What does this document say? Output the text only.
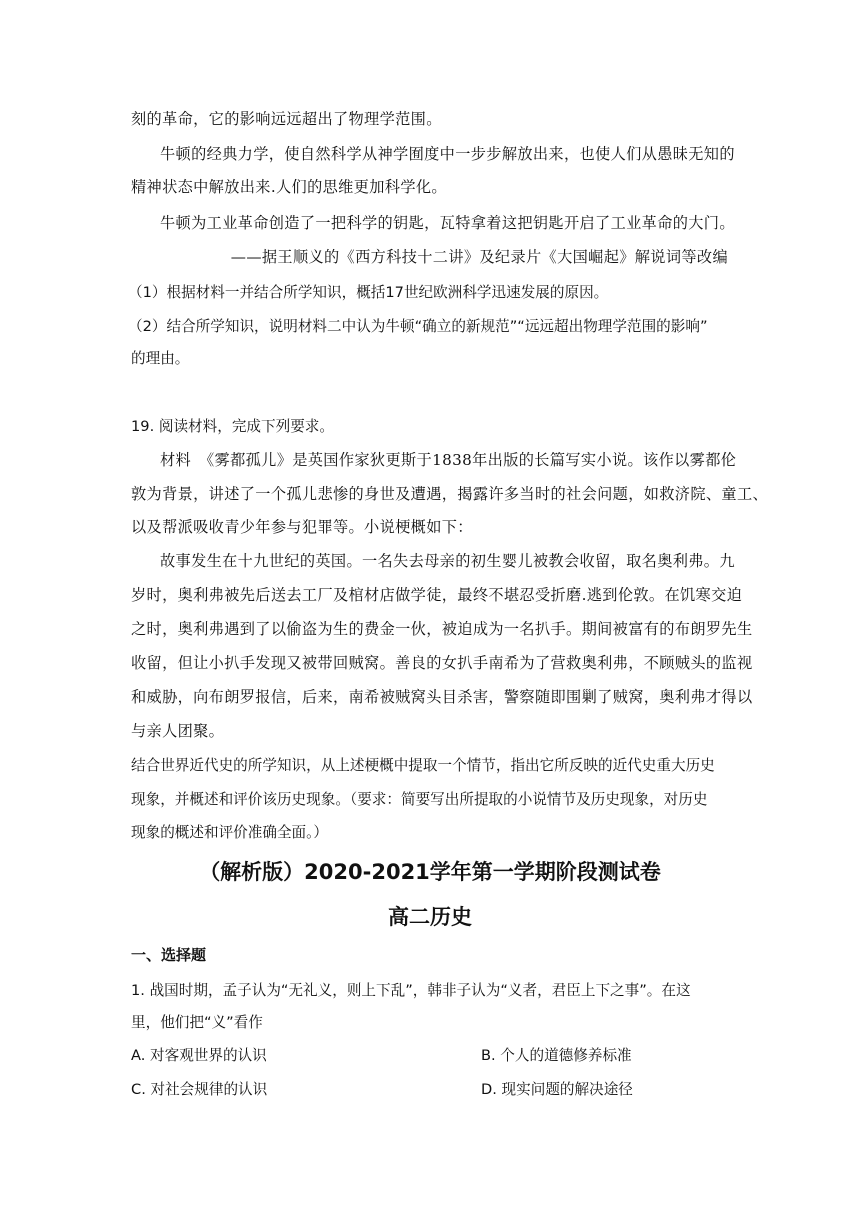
刻的革命，它的影响远远超出了物理学范围。
牛顿的经典力学，使自然科学从神学囿度中一步步解放出来，也使人们从愚昧无知的
精神状态中解放出来.人们的思维更加科学化。
牛顿为工业革命创造了一把科学的钥匙，瓦特拿着这把钥匙开启了工业革命的大门。
——据王顺义的《西方科技十二讲》及纪录片《大国崛起》解说词等改编
（1）根据材料一并结合所学知识，概括17世纪欧洲科学迅速发展的原因。
（2）结合所学知识，说明材料二中认为牛顿“确立的新规范”“远远超出物理学范围的影响”
的理由。
19. 阅读材料，完成下列要求。
材料　《雾都孤儿》是英国作家狄更斯于1838年出版的长篇写实小说。该作以雾都伦
敦为背景，讲述了一个孤儿悲惨的身世及遭遇，揭露许多当时的社会问题，如救济院、童工、
以及帮派吸收青少年参与犯罪等。小说梗概如下：
故事发生在十九世纪的英国。一名失去母亲的初生婴儿被教会收留，取名奥利弗。九
岁时，奥利弗被先后送去工厂及棺材店做学徒，最终不堪忍受折磨.逃到伦敦。在饥寒交迫
之时，奥利弗遇到了以偷盗为生的费金一伙，被迫成为一名扒手。期间被富有的布朗罗先生
收留，但让小扒手发现又被带回贼窝。善良的女扒手南希为了营救奥利弗，不顾贼头的监视
和威胁，向布朗罗报信，后来，南希被贼窝头目杀害，警察随即围剿了贼窝，奥利弗才得以
与亲人团聚。
结合世界近代史的所学知识，从上述梗概中提取一个情节，指出它所反映的近代史重大历史
现象，并概述和评价该历史现象。（要求：简要写出所提取的小说情节及历史现象，对历史
现象的概述和评价准确全面。）
（解析版）2020-2021学年第一学期阶段测试卷
高二历史
一、选择题
1. 战国时期，孟子认为“无礼义，则上下乱”，韩非子认为“义者，君臣上下之事”。在这
里，他们把“义”看作
A. 对客观世界的认识	B. 个人的道德修养标准
C. 对社会规律的认识	D. 现实问题的解决途径
